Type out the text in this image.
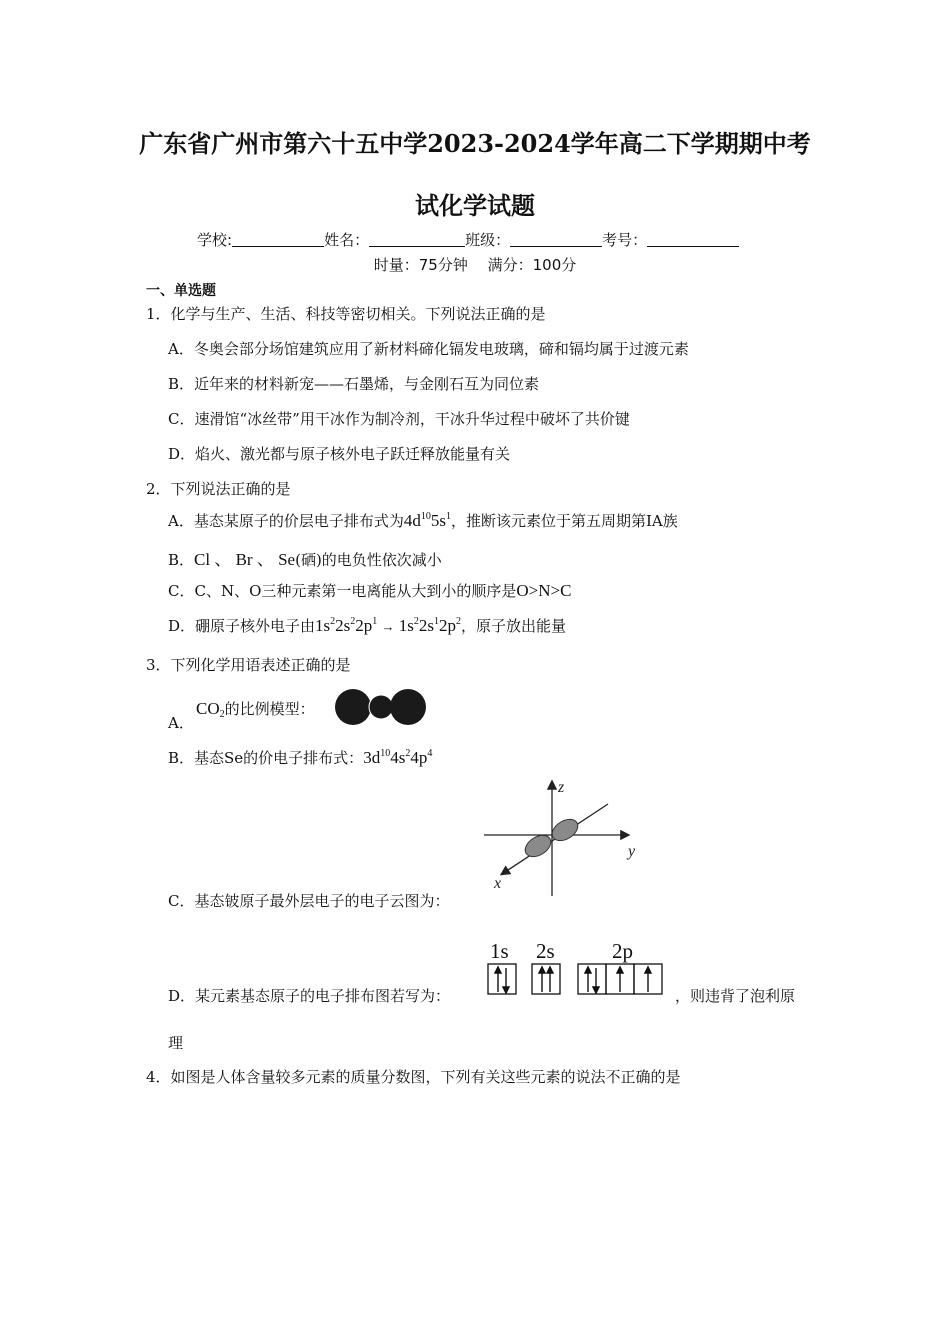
广东省广州市第六十五中学2023-2024学年高二下学期期中考
试化学试题
学校:	姓名：	班级：	考号：
时量：75分钟　 满分：100分
一、单选题
1．化学与生产、生活、科技等密切相关。下列说法正确的是
A．冬奥会部分场馆建筑应用了新材料碲化镉发电玻璃，碲和镉均属于过渡元素
B．近年来的材料新宠——石墨烯，与金刚石互为同位素
C．速滑馆“冰丝带”用干冰作为制冷剂，干冰升华过程中破坏了共价键
D．焰火、激光都与原子核外电子跃迁释放能量有关
2．下列说法正确的是
A．基态某原子的价层电子排布式为$4d^{10}5s^1$，推断该元素位于第五周期第IA族
B．Cl 、 Br 、 Se(硒)的电负性依次减小
C．C、N、O三种元素第一电离能从大到小的顺序是O>N>C
D．硼原子核外电子由$1s^22s^22p^1 \to 1s^22s^12p^2$，原子放出能量
3．下列化学用语表述正确的是
A．
$CO_2$的比例模型：
B．基态Se的价电子排布式：$3d^{10}4s^24p^4$
z
y
x
C．基态铍原子最外层电子的电子云图为：
1s 2s	2p
D．某元素基态原子的电子排布图若写为：	，则违背了泡利原
理
4．如图是人体含量较多元素的质量分数图，下列有关这些元素的说法不正确的是
